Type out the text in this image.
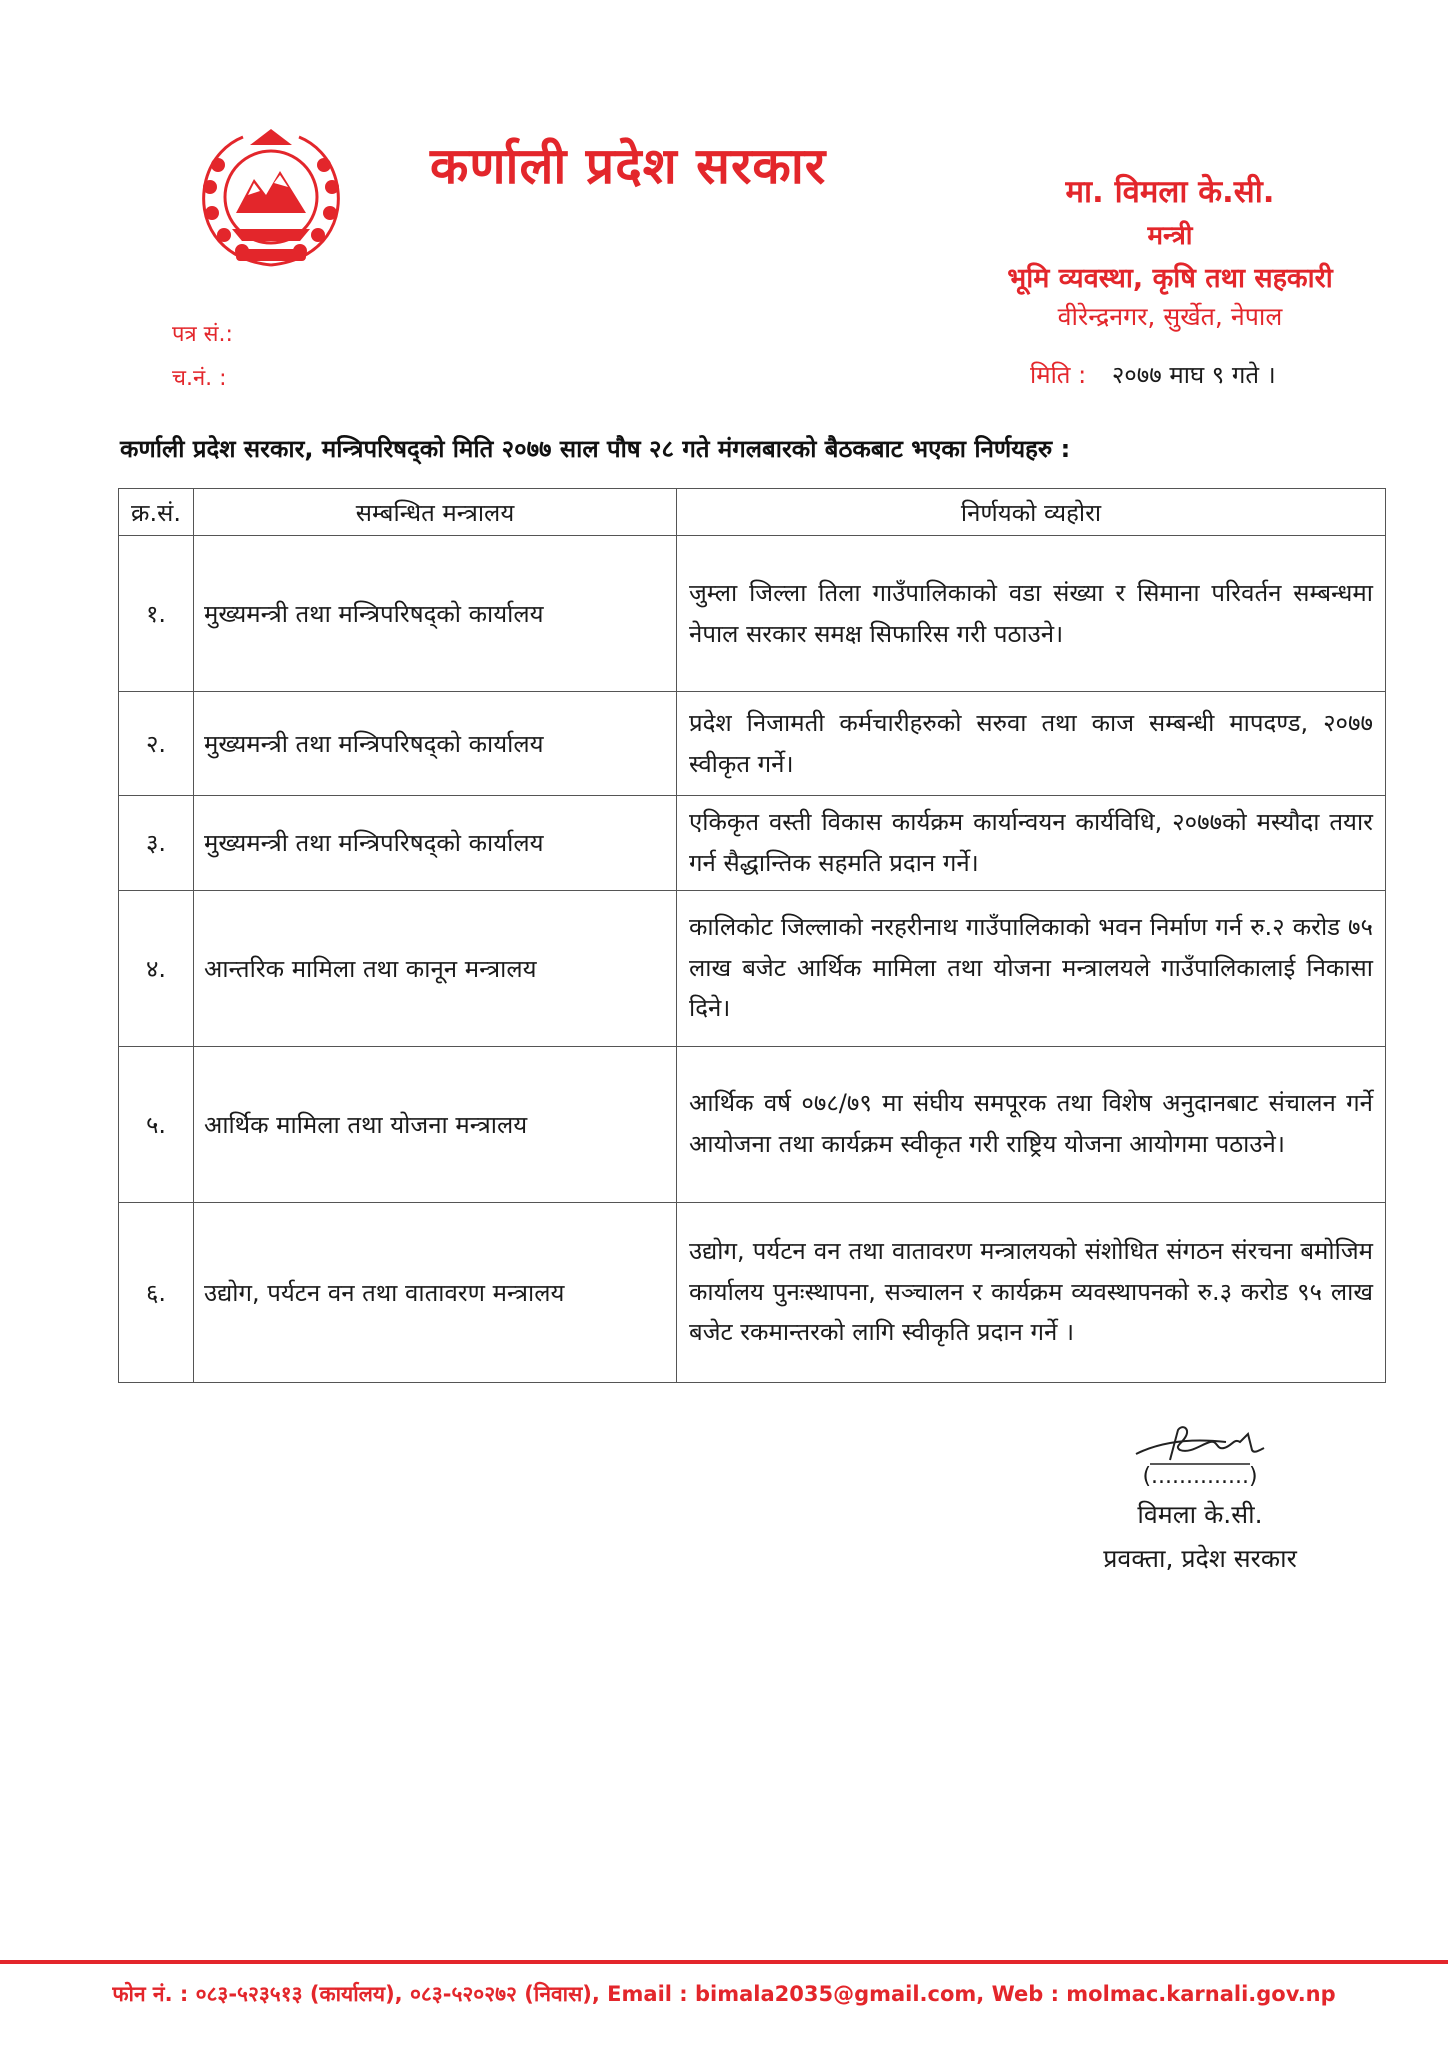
कर्णाली प्रदेश सरकार	मा. विमला के.सी.
मन्त्री
भूमि व्यवस्था, कृषि तथा सहकारी
वीरेन्द्रनगर, सुर्खेत, नेपाल
पत्र सं.:
च.नं. :	मिति : २०७७ माघ ९ गते ।
कर्णाली प्रदेश सरकार, मन्त्रिपरिषद्को मिति २०७७ साल पौष २८ गते मंगलबारको बैठकबाट भएका निर्णयहरु :
क्र.सं.	सम्बन्धित मन्त्रालय	निर्णयको व्यहोरा
१.	मुख्यमन्त्री तथा मन्त्रिपरिषद्को कार्यालय	जुम्ला जिल्ला तिला गाउँपालिकाको वडा संख्या र सिमाना परिवर्तन सम्बन्धमा नेपाल सरकार समक्ष सिफारिस गरी पठाउने।
२.	मुख्यमन्त्री तथा मन्त्रिपरिषद्को कार्यालय	प्रदेश निजामती कर्मचारीहरुको सरुवा तथा काज सम्बन्धी मापदण्ड, २०७७ स्वीकृत गर्ने।
३.	मुख्यमन्त्री तथा मन्त्रिपरिषद्को कार्यालय	एकिकृत वस्ती विकास कार्यक्रम कार्यान्वयन कार्यविधि, २०७७को मस्यौदा तयार गर्न सैद्धान्तिक सहमति प्रदान गर्ने।
४.	आन्तरिक मामिला तथा कानून मन्त्रालय	कालिकोट जिल्लाको नरहरीनाथ गाउँपालिकाको भवन निर्माण गर्न रु.२ करोड ७५ लाख बजेट आर्थिक मामिला तथा योजना मन्त्रालयले गाउँपालिकालाई निकासा दिने।
५.	आर्थिक मामिला तथा योजना मन्त्रालय	आर्थिक वर्ष ०७८/७९ मा संघीय समपूरक तथा विशेष अनुदानबाट संचालन गर्ने आयोजना तथा कार्यक्रम स्वीकृत गरी राष्ट्रिय योजना आयोगमा पठाउने।
६.	उद्योग, पर्यटन वन तथा वातावरण मन्त्रालय	उद्योग, पर्यटन वन तथा वातावरण मन्त्रालयको संशोधित संगठन संरचना बमोजिम कार्यालय पुनःस्थापना, सञ्चालन र कार्यक्रम व्यवस्थापनको रु.३ करोड ९५ लाख बजेट रकमान्तरको लागि स्वीकृति प्रदान गर्ने ।
(..............)
विमला के.सी.
प्रवक्ता, प्रदेश सरकार
फोन नं. : ०८३-५२३५१३ (कार्यालय), ०८३-५२०२७२ (निवास), Email : bimala2035@gmail.com, Web : molmac.karnali.gov.np
